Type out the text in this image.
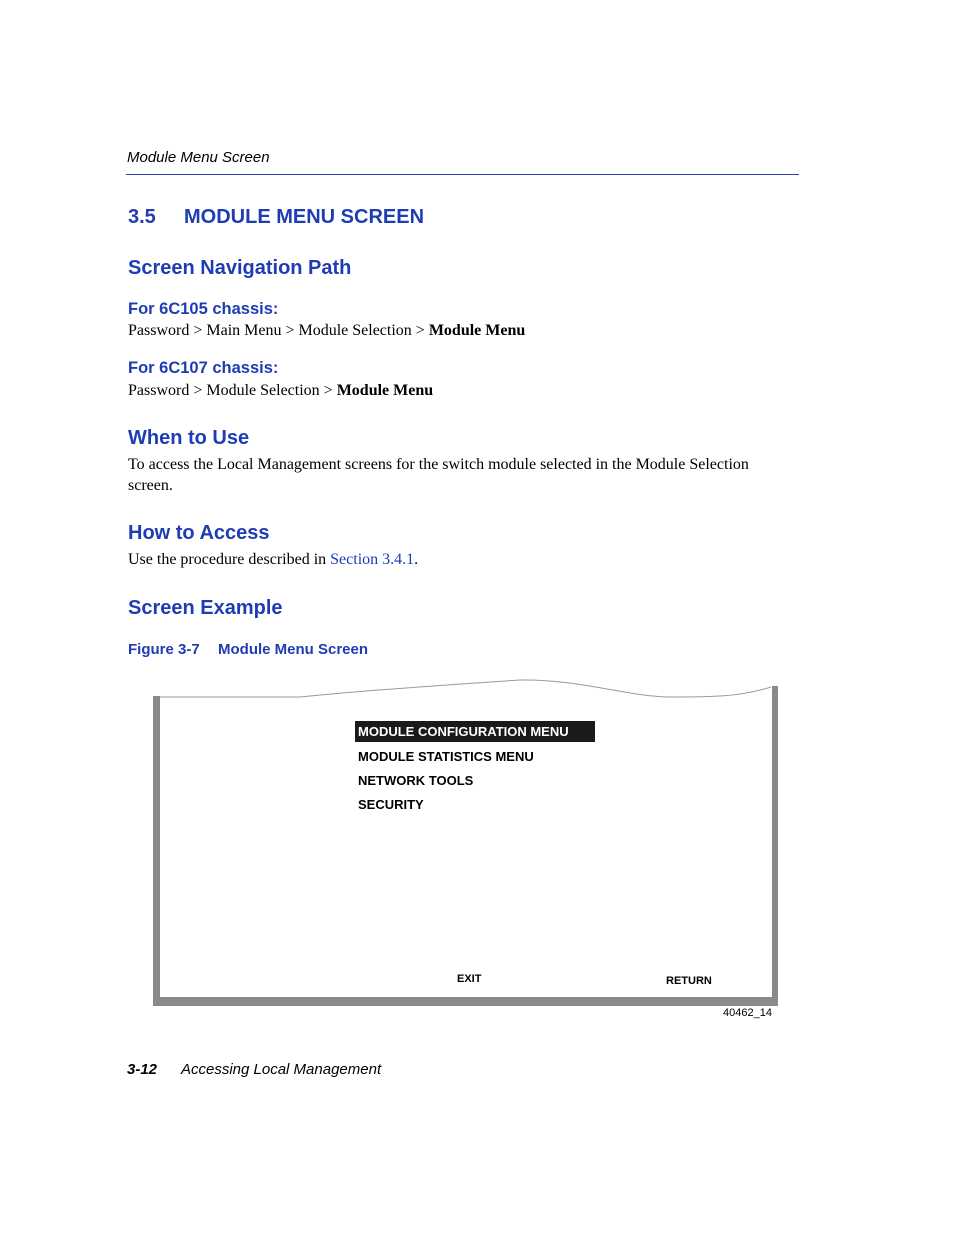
Module Menu Screen
3.5 MODULE MENU SCREEN
Screen Navigation Path
For 6C105 chassis:
Password > Main Menu > Module Selection > Module Menu
For 6C107 chassis:
Password > Module Selection > Module Menu
When to Use
To access the Local Management screens for the switch module selected in the Module Selection
screen.
How to Access
Use the procedure described in Section 3.4.1.
Screen Example
Figure 3-7 Module Menu Screen
MODULE CONFIGURATION MENU
MODULE STATISTICS MENU
NETWORK TOOLS
SECURITY
EXIT	RETURN
40462_14
3-12 Accessing Local Management
